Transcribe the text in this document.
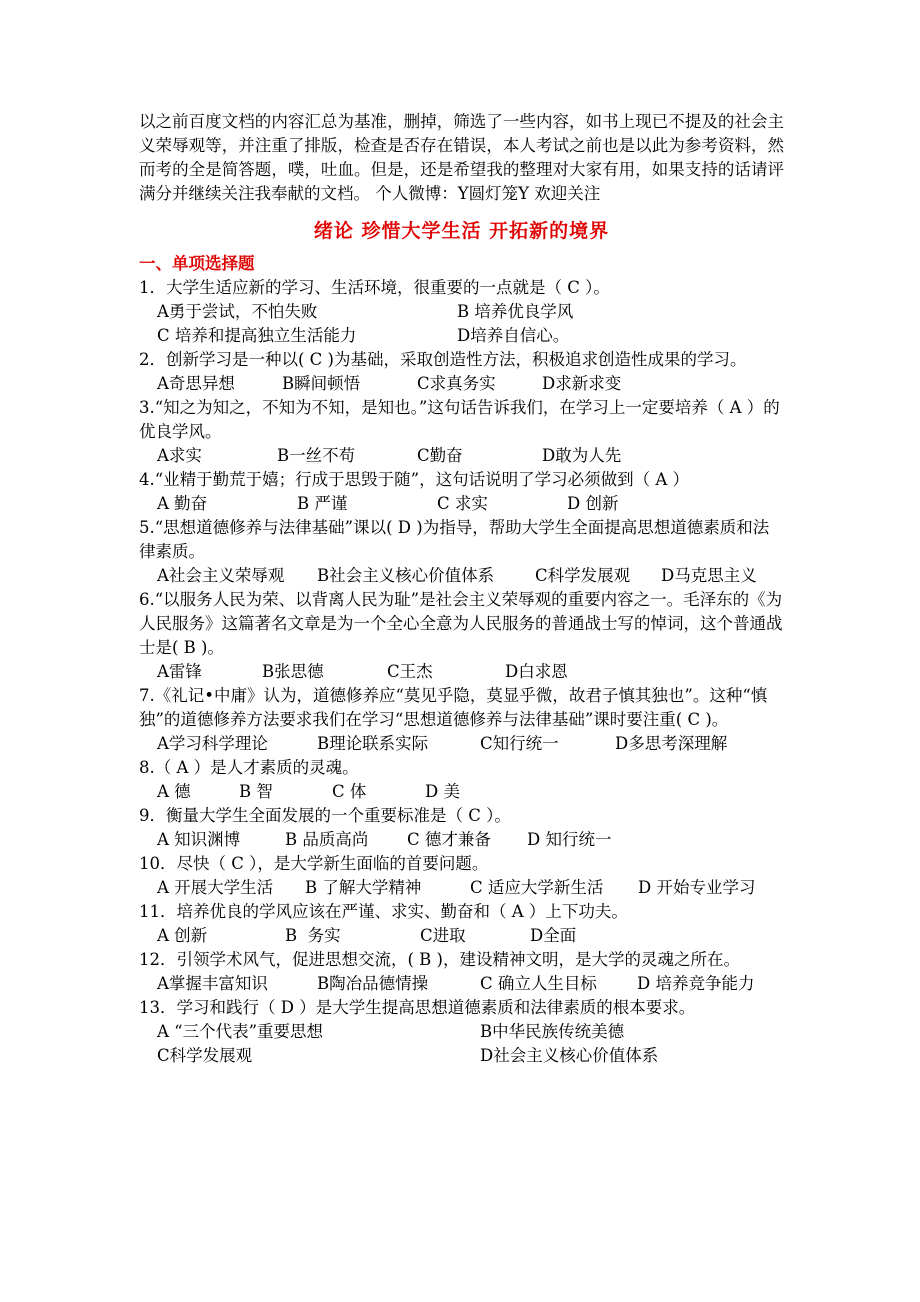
以之前百度文档的内容汇总为基准，删掉，筛选了一些内容，如书上现已不提及的社会主义荣辱观等，并注重了排版，检查是否存在错误，本人考试之前也是以此为参考资料，然而考的全是简答题，噗，吐血。但是，还是希望我的整理对大家有用，如果支持的话请评满分并继续关注我奉献的文档。 个人微博：Y圆灯笼Y 欢迎关注

绪论 珍惜大学生活 开拓新的境界
一、单项选择题

1．大学生适应新的学习、生活环境，很重要的一点就是（ C ）。

A勇于尝试，不怕失败	B 培养优良学风
C 培养和提高独立生活能力	D培养自信心。

2．创新学习是一种以( C )为基础，采取创造性方法，积极追求创造性成果的学习。

A奇思异想	B瞬间顿悟	C求真务实	D求新求变

3.“知之为知之，不知为不知，是知也。”这句话告诉我们，在学习上一定要培养（ A ）的优良学风。

A求实	B一丝不苟	C勤奋	D敢为人先

4.“业精于勤荒于嬉；行成于思毁于随”，这句话说明了学习必须做到（ A ）

A 勤奋	B 严谨	C 求实	D 创新

5.“思想道德修养与法律基础”课以( D )为指导，帮助大学生全面提高思想道德素质和法律素质。

A社会主义荣辱观 B社会主义核心价值体系 C科学发展观 D马克思主义

6.“以服务人民为荣、以背离人民为耻”是社会主义荣辱观的重要内容之一。毛泽东的《为人民服务》这篇著名文章是为一个全心全意为人民服务的普通战士写的悼词，这个普通战士是( B )。

A雷锋	B张思德	C王杰	D白求恩

7.《礼记•中庸》认为，道德修养应“莫见乎隐，莫显乎微，故君子慎其独也”。这种“慎独”的道德修养方法要求我们在学习“思想道德修养与法律基础”课时要注重( C )。

A学习科学理论	B理论联系实际	C知行统一	D多思考深理解

8.（ A ）是人才素质的灵魂。

A 德	B 智	C 体	D 美

9．衡量大学生全面发展的一个重要标准是（ C ）。

A 知识渊博	B 品质高尚 C 德才兼备 D 知行统一

10．尽快（ C ），是大学新生面临的首要问题。

A 开展大学生活 B 了解大学精神	C 适应大学新生活 D 开始专业学习

11．培养优良的学风应该在严谨、求实、勤奋和（ A ）上下功夫。

A 创新	B  务实	C进取	D全面

12．引领学术风气，促进思想交流，( B )，建设精神文明，是大学的灵魂之所在。

A掌握丰富知识	B陶冶品德情操	C 确立人生目标 D 培养竞争能力

13．学习和践行（ D ）是大学生提高思想道德素质和法律素质的根本要求。

A “三个代表”重要思想	B中华民族传统美德
C科学发展观	D社会主义核心价值体系
